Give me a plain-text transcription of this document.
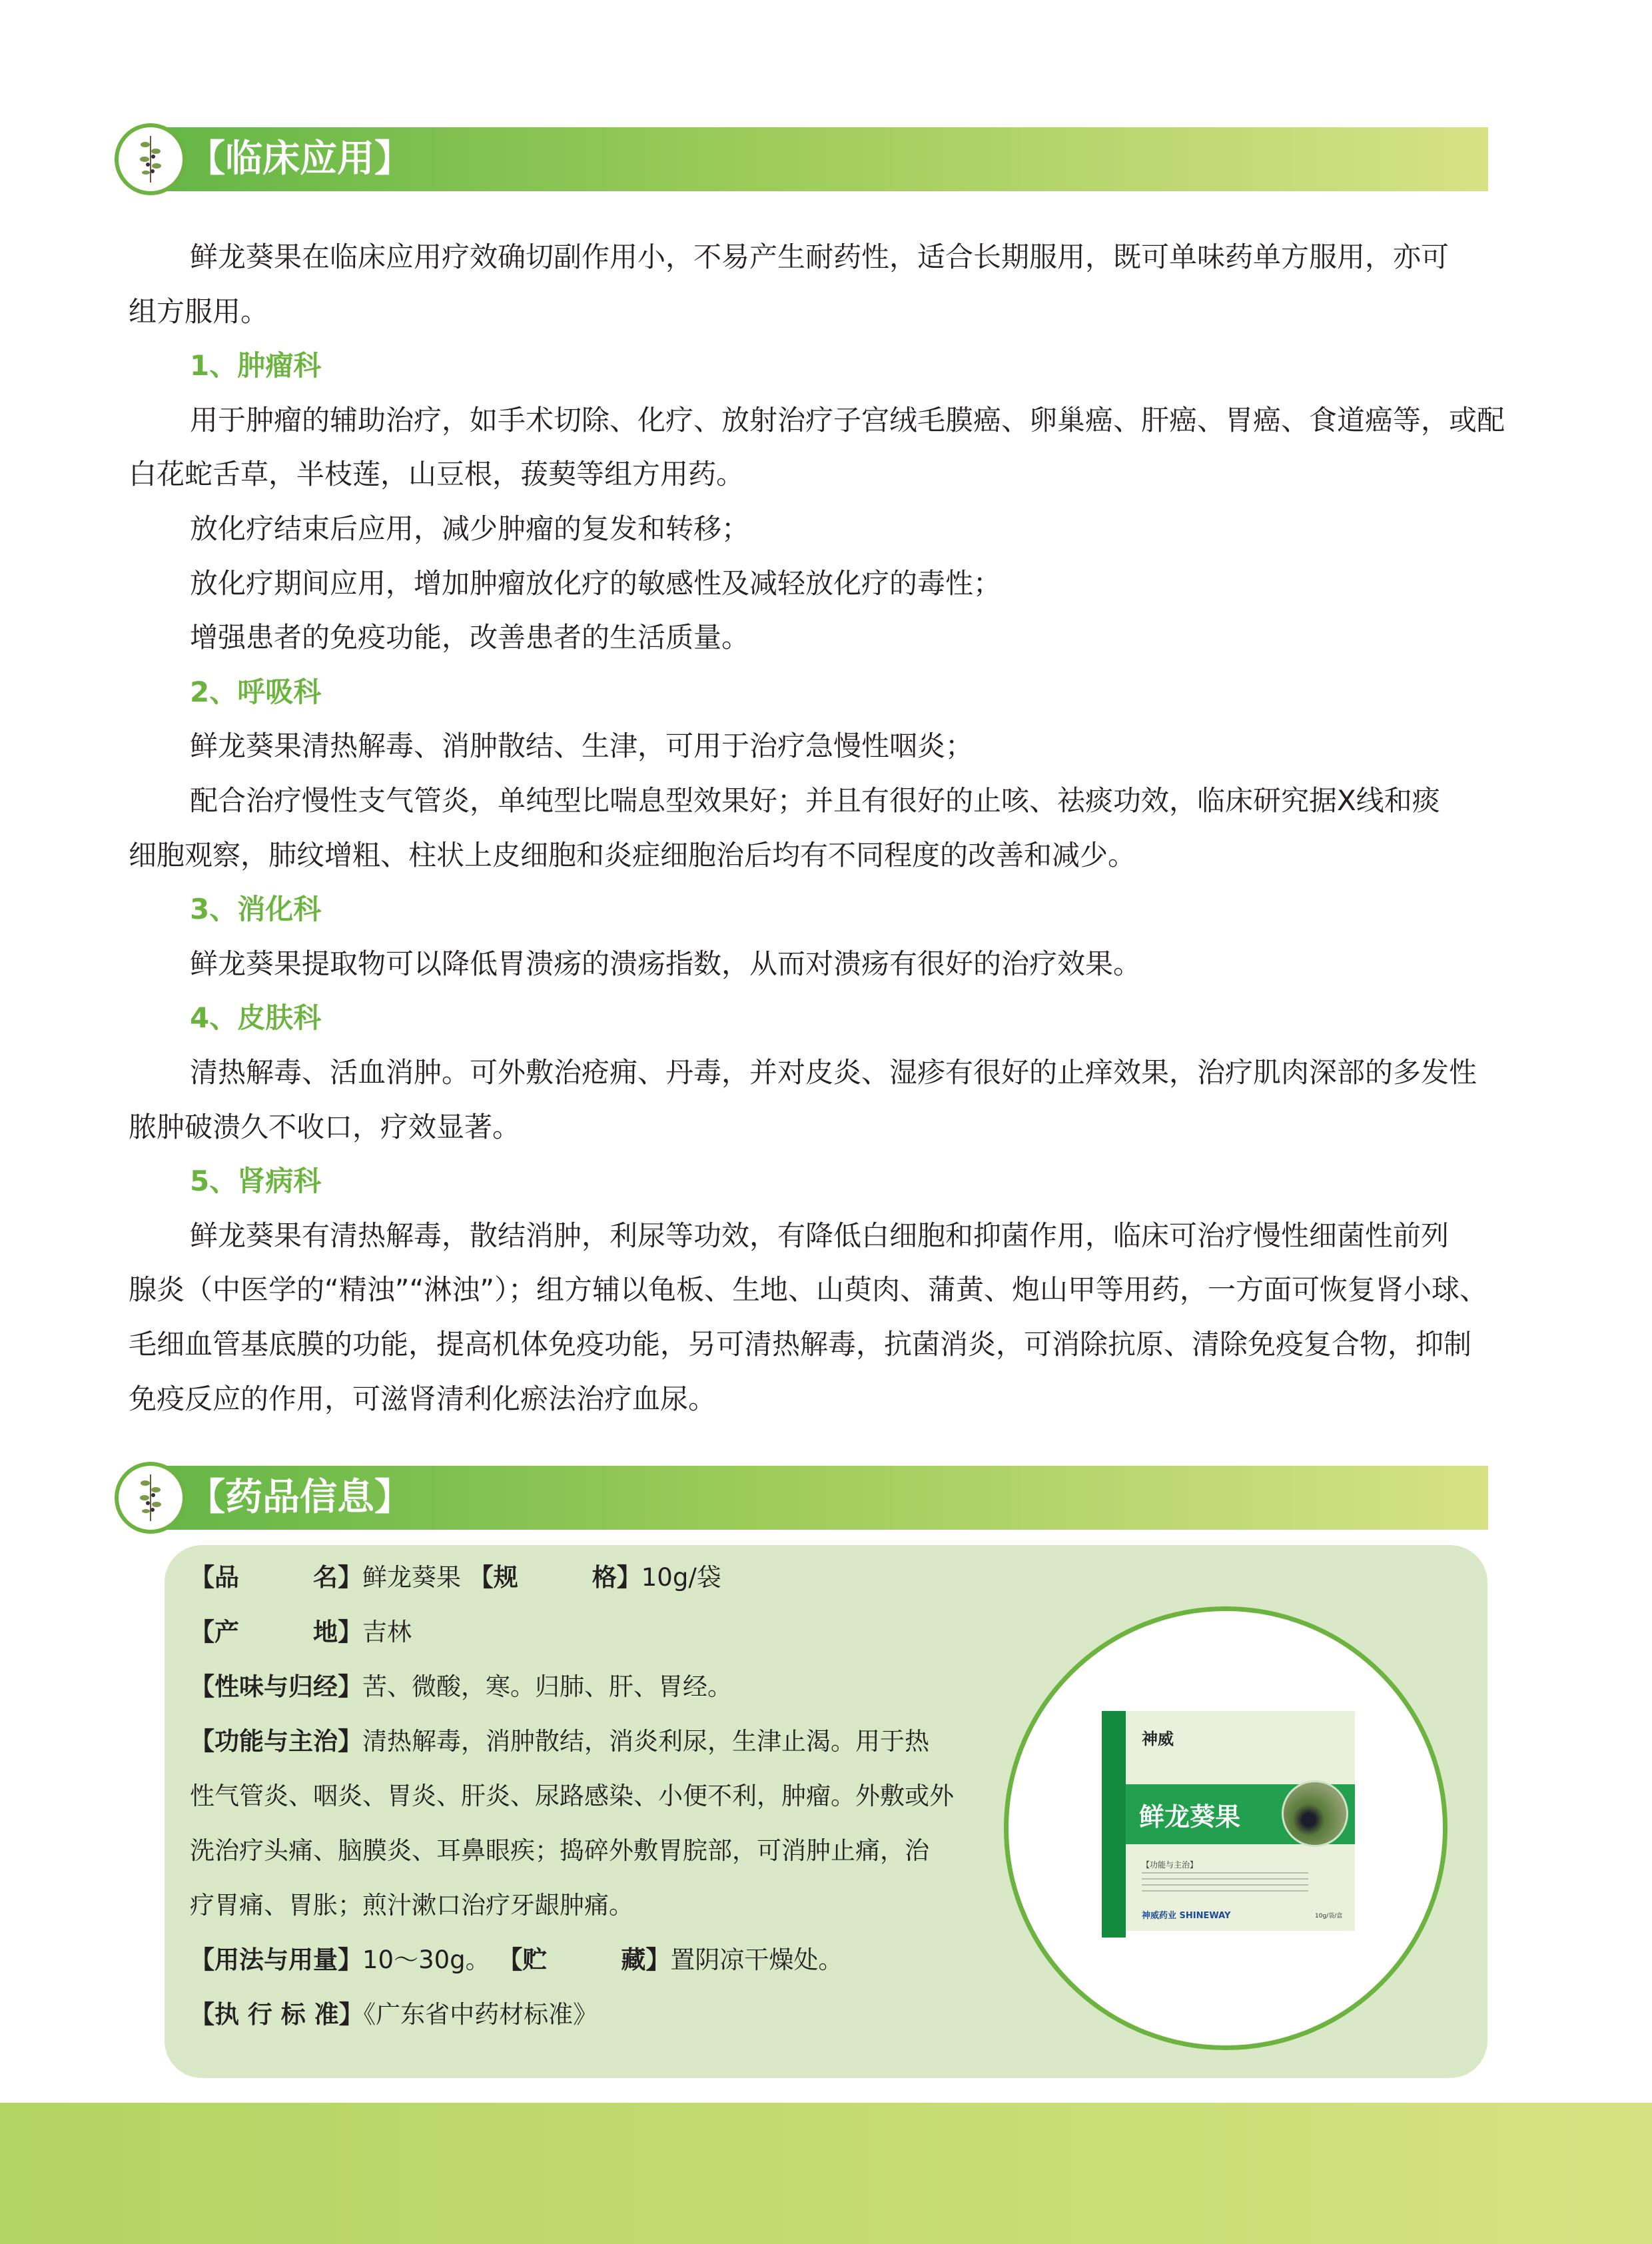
【临床应用】
鲜龙葵果在临床应用疗效确切副作用小，不易产生耐药性，适合长期服用，既可单味药单方服用，亦可
组方服用。
1、肿瘤科
用于肿瘤的辅助治疗，如手术切除、化疗、放射治疗子宫绒毛膜癌、卵巢癌、肝癌、胃癌、食道癌等，或配
白花蛇舌草，半枝莲，山豆根，菝葜等组方用药。
放化疗结束后应用，减少肿瘤的复发和转移；
放化疗期间应用，增加肿瘤放化疗的敏感性及减轻放化疗的毒性；
增强患者的免疫功能，改善患者的生活质量。
2、呼吸科
鲜龙葵果清热解毒、消肿散结、生津，可用于治疗急慢性咽炎；
配合治疗慢性支气管炎，单纯型比喘息型效果好；并且有很好的止咳、祛痰功效，临床研究据X线和痰
细胞观察，肺纹增粗、柱状上皮细胞和炎症细胞治后均有不同程度的改善和减少。
3、消化科
鲜龙葵果提取物可以降低胃溃疡的溃疡指数，从而对溃疡有很好的治疗效果。
4、皮肤科
清热解毒、活血消肿。可外敷治疮痈、丹毒，并对皮炎、湿疹有很好的止痒效果，治疗肌肉深部的多发性
脓肿破溃久不收口，疗效显著。
5、肾病科
鲜龙葵果有清热解毒，散结消肿，利尿等功效，有降低白细胞和抑菌作用，临床可治疗慢性细菌性前列
腺炎（中医学的“精浊”“淋浊”）；组方辅以龟板、生地、山萸肉、蒲黄、炮山甲等用药，一方面可恢复肾小球、
毛细血管基底膜的功能，提高机体免疫功能，另可清热解毒，抗菌消炎，可消除抗原、清除免疫复合物，抑制
免疫反应的作用，可滋肾清利化瘀法治疗血尿。
【药品信息】
【品　　　名】鲜龙葵果 【规　　　格】10g/袋
【产　　　地】吉林
【性味与归经】苦、微酸，寒。归肺、肝、胃经。
【功能与主治】清热解毒，消肿散结，消炎利尿，生津止渴。用于热
性气管炎、咽炎、胃炎、肝炎、尿路感染、小便不利，肿瘤。外敷或外
洗治疗头痛、脑膜炎、耳鼻眼疾；捣碎外敷胃脘部，可消肿止痛，治
疗胃痛、胃胀；煎汁漱口治疗牙龈肿痛。
【用法与用量】10～30g。 【贮　　　藏】置阴凉干燥处。
【执 行 标 准】《广东省中药材标准》
神威
鲜龙葵果
【功能与主治】
神威药业 SHINEWAY	10g/袋/盒
